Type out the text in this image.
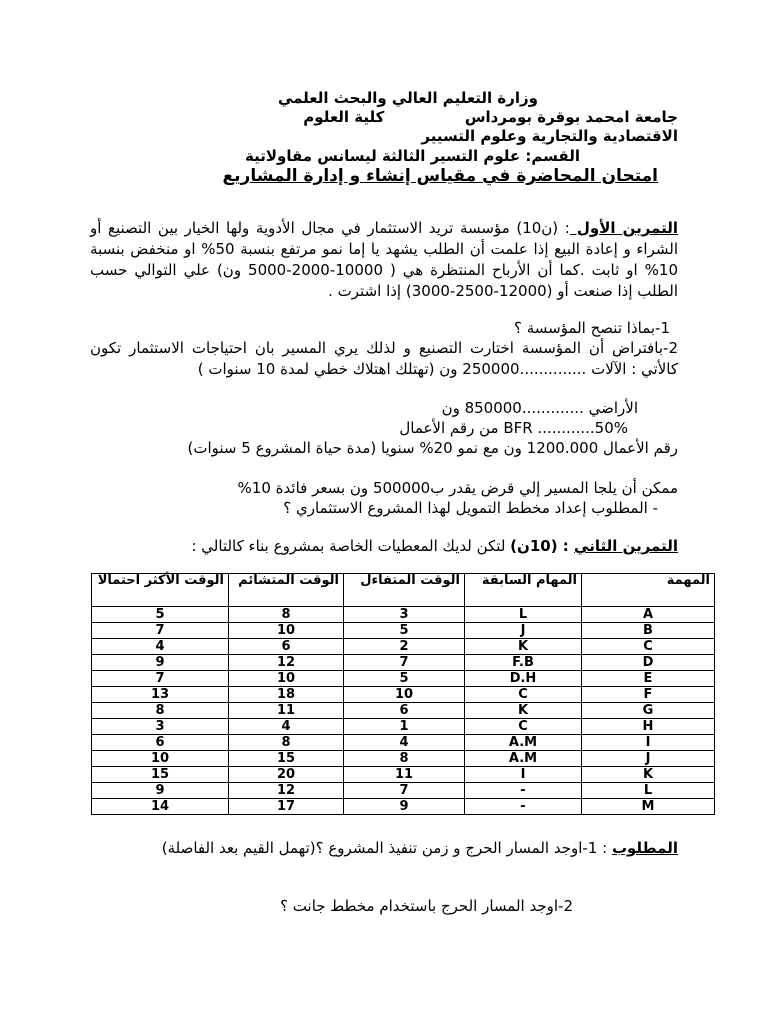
وزارة التعليم العالي والبحث العلمي
جامعة امحمد بوقرة بومرداس  كلية العلوم
الاقتصادية والتجارية وعلوم التسيير
القسم: علوم التسير الثالثة ليسانس مقاولاتية
امتحان المحاضرة في مقياس إنشاء و إدارة المشاريع
التمرين الأول : (ن10) مؤسسة تريد الاستثمار في مجال الأدوية ولها الخيار بين التصنيع أو الشراء و إعادة البيع إذا علمت أن الطلب يشهد يا إما نمو مرتفع بنسبة 50% او منخفض بنسبة 10% او ثابت .كما أن الأرباح المنتظرة هي ( 10000-2000-5000 ون) علي التوالي حسب الطلب إذا صنعت أو (12000-2500-3000) إذا اشترت .
1-بماذا تنصح المؤسسة ؟
2-بافتراض أن المؤسسة اختارت التصنيع و لذلك يري المسير بان احتياجات الاستثمار تكون كالأتي : الآلات ..............250000 ون (تهتلك اهتلاك خطي لمدة 10 سنوات )
الأراضي .............850000 ون
50%............ BFR من رقم الأعمال
رقم الأعمال 1200.000 ون مع نمو 20% سنويا (مدة حياة المشروع 5 سنوات)
ممكن أن يلجا المسير إلي قرض يقدر ب500000 ون بسعر فائدة 10%
- المطلوب إعداد مخطط التمويل لهذا المشروع الاستثماري ؟
التمرين الثاني : (10ن) لتكن لديك المعطيات الخاصة بمشروع بناء كالتالي :
المهمة	المهام السابقة	الوقت المتفاءل	الوقت المتشائم	الوقت الأكثر احتمالا
A	L	3	8	5
B	J	5	10	7
C	K	2	6	4
D	F.B	7	12	9
E	D.H	5	10	7
F	C	10	18	13
G	K	6	11	8
H	C	1	4	3
I	A.M	4	8	6
J	A.M	8	15	10
K	I	11	20	15
L	-	7	12	9
M	-	9	17	14
المطلوب : 1-اوجد المسار الحرج و زمن تنفيذ المشروع ؟(تهمل القيم بعد الفاصلة)
2-اوجد المسار الحرج باستخدام مخطط جانت ؟
